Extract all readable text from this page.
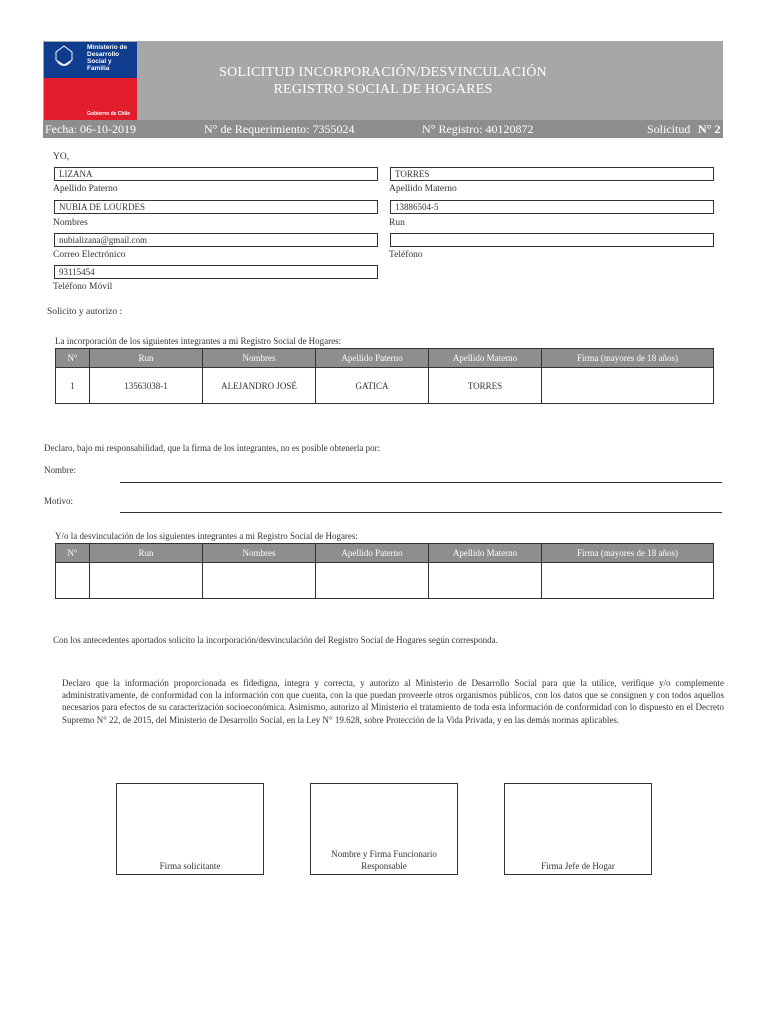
Ministerio de
Desarrollo
Social y
Familia
Gobierno de Chile
SOLICITUD INCORPORACIÓN/DESVINCULACIÓN
REGISTRO SOCIAL DE HOGARES
Fecha: 06-10-2019	N° de Requerimiento: 7355024	N° Registro: 40120872	Solicitud N° 2
YO,
LIZANA	TORRES
Apellido Paterno	Apellido Materno
NUBIA DE LOURDES	13886504-5
Nombres	Run
nubializana@gmail.com
Correo Electrónico	Teléfono
93115454
Teléfono Móvil
Solicito y autorizo :
La incorporación de los siguientes integrantes a mi Registro Social de Hogares:
N°	Run	Nombres	Apellido Paterno	Apellido Materno	Firma (mayores de 18 años)
1	13563038-1	ALEJANDRO JOSÉ	GATICA	TORRES	
Declaro, bajo mi responsabilidad, que la firma de los integrantes, no es posible obtenerla por:
Nombre:
Motivo:
Y/o la desvinculación de los siguientes integrantes a mi Registro Social de Hogares:
N°	Run	Nombres	Apellido Paterno	Apellido Materno	Firma (mayores de 18 años)

Con los antecedentes aportados solicito la incorporación/desvinculación del Registro Social de Hogares según corresponda.
Declaro que la información proporcionada es fidedigna, integra y correcta, y autorizo al Ministerio de Desarrollo Social para que la utilice, verifique y/o complemente administrativamente, de conformidad con la información con que cuenta, con la que puedan proveerle otros organismos públicos, con los datos que se consignen y con todos aquellos necesarios para efectos de su caracterización socioeconómica. Asimismo, autorizo al Ministerio el tratamiento de toda esta información de conformidad con lo dispuesto en el Decreto Supremo N° 22, de 2015, del Ministerio de Desarrollo Social, en la Ley N° 19.628, sobre Protección de la Vida Privada, y en las demás normas aplicables.
Firma solicitante
Nombre y Firma Funcionario
Responsable	Firma Jefe de Hogar
